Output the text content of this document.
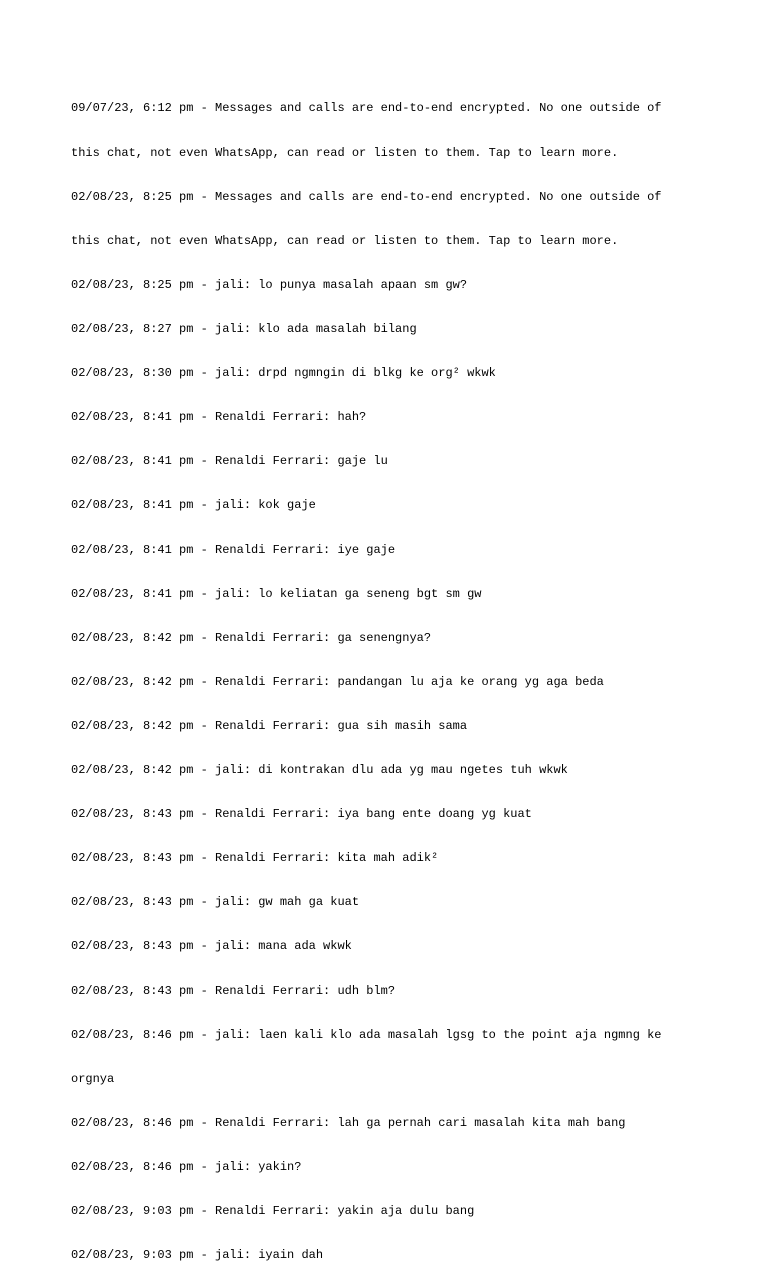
09/07/23, 6:12 pm - Messages and calls are end-to-end encrypted. No one outside of

this chat, not even WhatsApp, can read or listen to them. Tap to learn more.

02/08/23, 8:25 pm - Messages and calls are end-to-end encrypted. No one outside of

this chat, not even WhatsApp, can read or listen to them. Tap to learn more.

02/08/23, 8:25 pm - jali: lo punya masalah apaan sm gw?

02/08/23, 8:27 pm - jali: klo ada masalah bilang

02/08/23, 8:30 pm - jali: drpd ngmngin di blkg ke org² wkwk

02/08/23, 8:41 pm - Renaldi Ferrari: hah?

02/08/23, 8:41 pm - Renaldi Ferrari: gaje lu

02/08/23, 8:41 pm - jali: kok gaje

02/08/23, 8:41 pm - Renaldi Ferrari: iye gaje

02/08/23, 8:41 pm - jali: lo keliatan ga seneng bgt sm gw

02/08/23, 8:42 pm - Renaldi Ferrari: ga senengnya?

02/08/23, 8:42 pm - Renaldi Ferrari: pandangan lu aja ke orang yg aga beda

02/08/23, 8:42 pm - Renaldi Ferrari: gua sih masih sama

02/08/23, 8:42 pm - jali: di kontrakan dlu ada yg mau ngetes tuh wkwk

02/08/23, 8:43 pm - Renaldi Ferrari: iya bang ente doang yg kuat

02/08/23, 8:43 pm - Renaldi Ferrari: kita mah adik²

02/08/23, 8:43 pm - jali: gw mah ga kuat

02/08/23, 8:43 pm - jali: mana ada wkwk

02/08/23, 8:43 pm - Renaldi Ferrari: udh blm?

02/08/23, 8:46 pm - jali: laen kali klo ada masalah lgsg to the point aja ngmng ke

orgnya

02/08/23, 8:46 pm - Renaldi Ferrari: lah ga pernah cari masalah kita mah bang

02/08/23, 8:46 pm - jali: yakin?

02/08/23, 9:03 pm - Renaldi Ferrari: yakin aja dulu bang

02/08/23, 9:03 pm - jali: iyain dah
